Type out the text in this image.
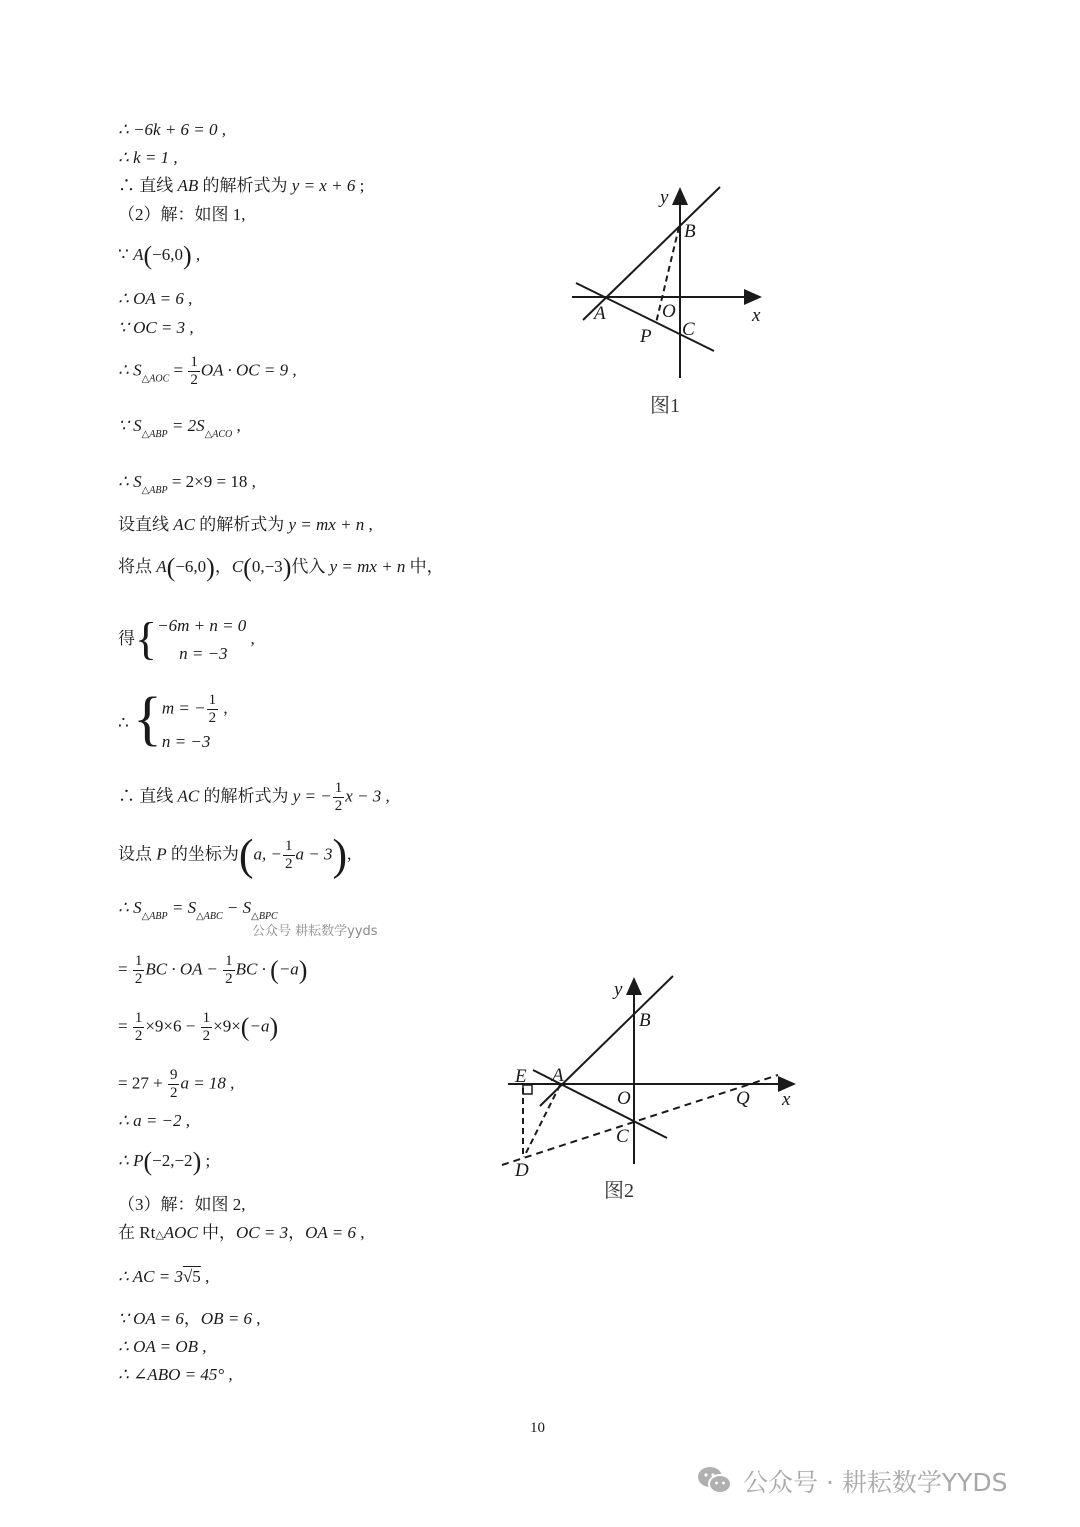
∴ −6k + 6 = 0 ,
∴ k = 1 ,
∴ 直线 AB 的解析式为 y = x + 6 ;
（2）解：如图 1,
∵ A(−6,0) ,
∴ OA = 6 ,
∵ OC = 3 ,
∴ $S_{\triangle AOC} = \frac{1}{2}$ OA · OC = 9 ,
∵ $S_{\triangle ABP} = 2S_{\triangle ACO}$ ,
∴ $S_{\triangle ABP} = 2\times 9 = 18$ ,
设直线 AC 的解析式为 y = mx + n ,
将点 A(−6,0)，C(0,−3)代入 y = mx + n 中，
得{ −6m + n = 0
n = −3
,
∴ { m = − $\frac{1}{2}$ ,
n = −3
∴ 直线 AC 的解析式为 y = − $\frac{1}{2}$ x − 3 ,
设点 P 的坐标为(a, − $\frac{1}{2}$ a − 3),
∴ $S_{\triangle ABP} = S_{\triangle ABC} - S_{\triangle BPC}$
= $\frac{1}{2}$ BC · OA − $\frac{1}{2}$ BC · (−a)
= $\frac{1}{2} \times 9\times 6 - \frac{1}{2} \times 9\times(-a)$
= $27 + \frac{9}{2}$ a = 18 ,
∴ a = −2 ,
∴ P(−2,−2) ;
（3）解：如图 2,
在 Rt△AOC 中，OC = 3，OA = 6 ,
∴ AC = 3√5 ,
∵ OA = 6，OB = 6 ,
∴ OA = OB ,
∴ ∠ABO = 45° ,
y
B
A	O	x
P C
图1
y
B
E A
O	Q x
C
D
图2
公众号 耕耘数学yyds
10
公众号 · 耕耘数学YYDS
